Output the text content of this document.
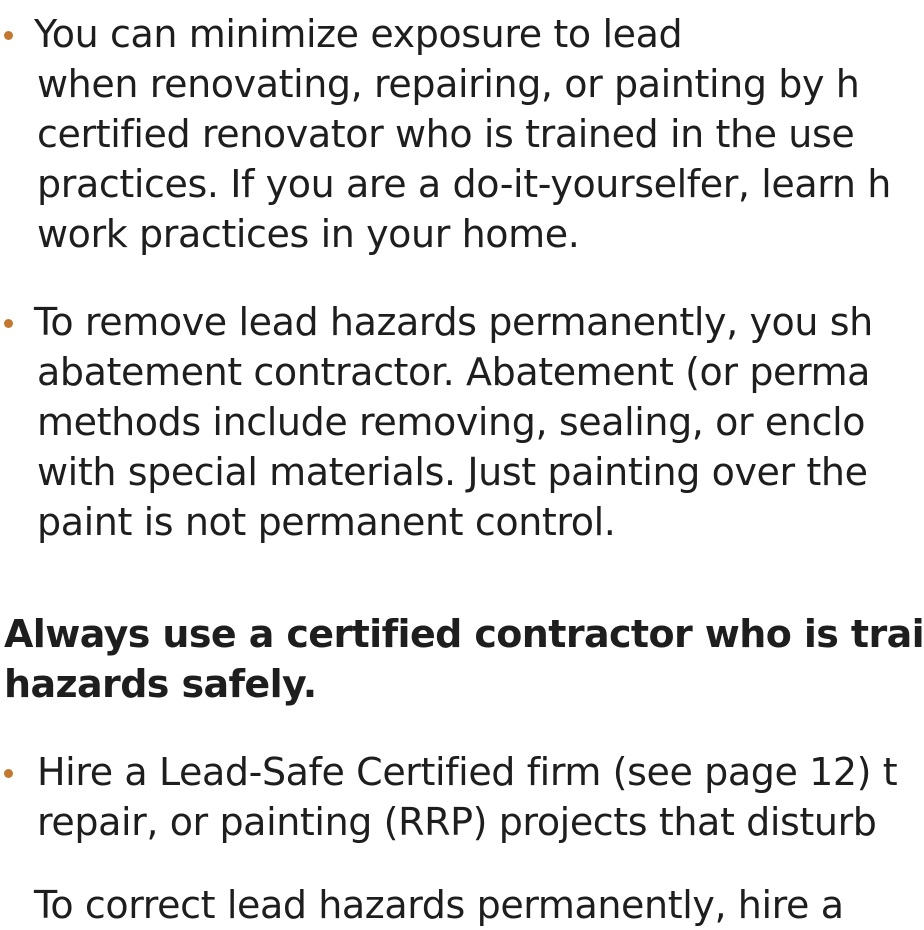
You can minimize exposure to lead
when renovating, repairing, or painting by h
certified renovator who is trained in the use
practices. If you are a do-it-yourselfer, learn h
work practices in your home.
To remove lead hazards permanently, you sh
abatement contractor. Abatement (or perma
methods include removing, sealing, or enclo
with special materials. Just painting over the
paint is not permanent control.
Always use a certified contractor who is trai
hazards safely.
Hire a Lead-Safe Certified firm (see page 12) t
repair, or painting (RRP) projects that disturb
To correct lead hazards permanently, hire a
